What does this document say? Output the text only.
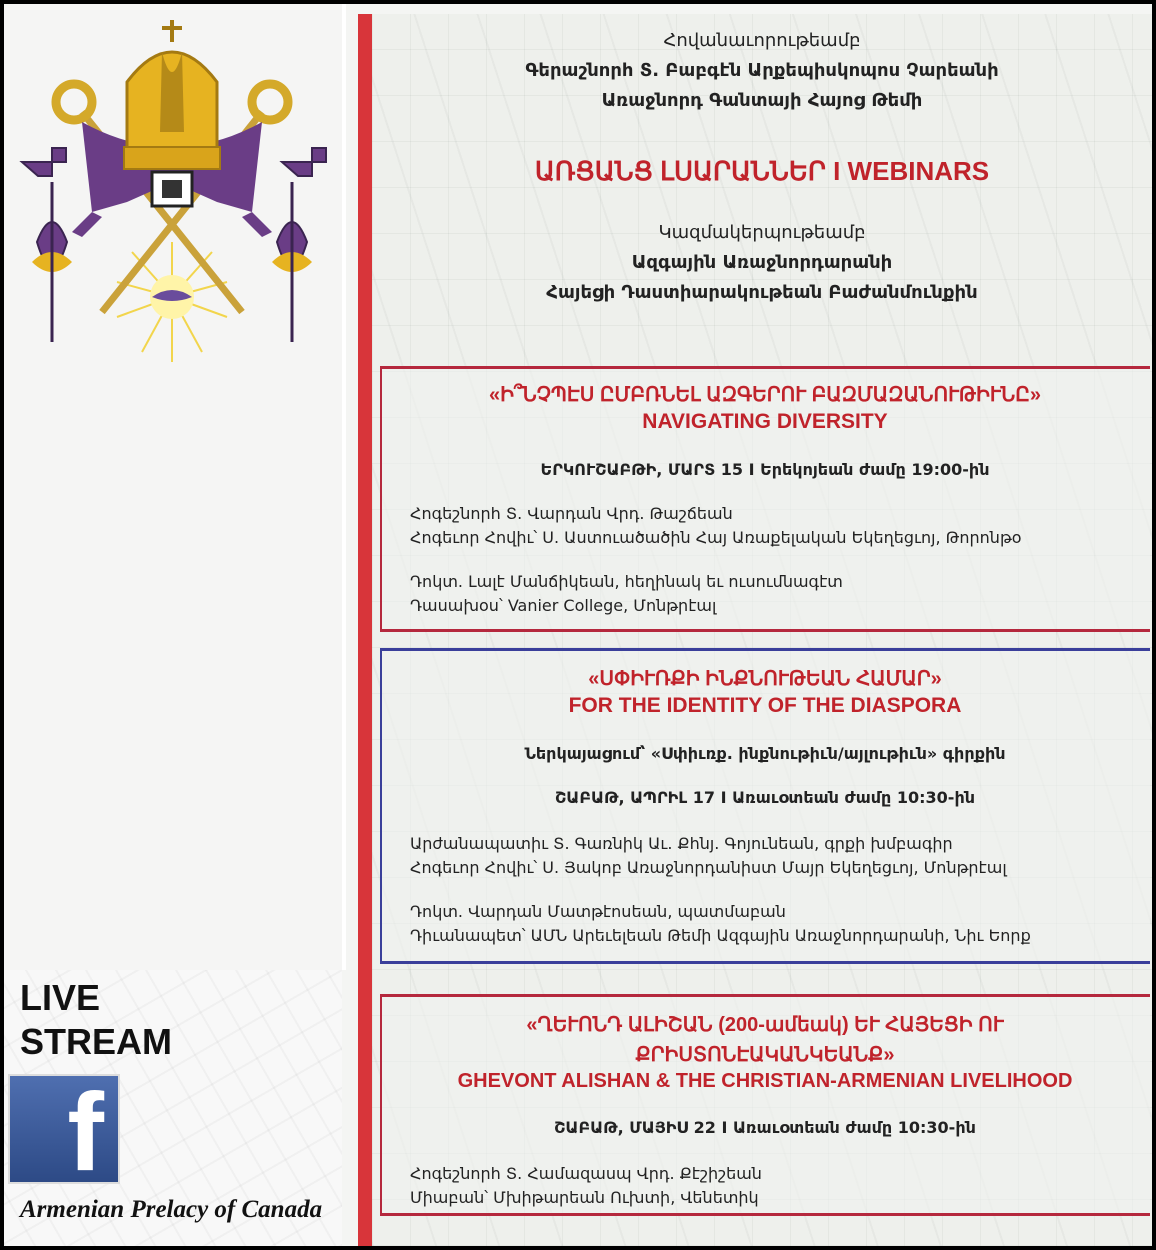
LIVE
STREAM
f
Armenian Prelacy of Canada
Հովանաւորութեամբ
Գերաշնորհ Տ. Բաբգէն Արքեպիսկոպոս Չարեանի
Առաջնորդ Գանտայի Հայոց Թեմի
ԱՌՑԱՆՑ ԼՍԱՐԱՆՆԵՐ I WEBINARS
Կազմակերպութեամբ
Ազգային Առաջնորդարանի
Հայեցի Դաստիարակութեան Բաժանմունքին
«Ի՞ՆՉՊԷՍ ԸՄԲՌՆԵԼ ԱԶԳԵՐՈՒ ԲԱԶՄԱԶԱՆՈՒԹԻՒՆԸ»
NAVIGATING DIVERSITY
ԵՐԿՈՒՇԱԲԹԻ, ՄԱՐՏ 15 I Երեկոյեան ժամը 19:00-ին
Հոգեշնորհ Տ. Վարդան Վրդ. Թաշճեան
Հոգեւոր Հովիւ՝ Ս. Աստուածածին Հայ Առաքելական Եկեղեցւոյ, Թորոնթօ
Դոկտ. Լալէ Մանճիկեան, հեղինակ եւ ուսումնագէտ
Դասախօս՝ Vanier College, Մոնթրէալ
«ՍՓԻՒՌՔԻ ԻՆՔՆՈՒԹԵԱՆ ՀԱՄԱՐ»
FOR THE IDENTITY OF THE DIASPORA
Ներկայացում՝ «Սփիւռք. ինքնութիւն/այլութիւն» գիրքին
ՇԱԲԱԹ, ԱՊՐԻԼ 17 I Առաւօտեան ժամը 10:30-ին
Արժանապատիւ Տ. Գառնիկ Աւ. Քհնյ. Գոյունեան, գրքի խմբագիր
Հոգեւոր Հովիւ՝ Ս. Յակոբ Առաջնորդանիստ Մայր Եկեղեցւոյ, Մոնթրէալ
Դոկտ. Վարդան Մատթէոսեան, պատմաբան
Դիւանապետ՝ ԱՄՆ Արեւելեան Թեմի Ազգային Առաջնորդարանի, Նիւ Եորք
«ՂԵՒՈՆԴ ԱԼԻՇԱՆ (200-ամեակ) ԵՒ ՀԱՅԵՑԻ ՈՒ
ՔՐԻՍՏՈՆԷԱԿԱՆԿԵԱՆՔ»
GHEVONT ALISHAN & THE CHRISTIAN-ARMENIAN LIVELIHOOD
ՇԱԲԱԹ, ՄԱՅԻՍ 22 I Առաւօտեան ժամը 10:30-ին
Հոգեշնորհ Տ. Համազասպ Վրդ. Քէշիշեան
Միաբան՝ Մխիթարեան Ուխտի, Վենետիկ
